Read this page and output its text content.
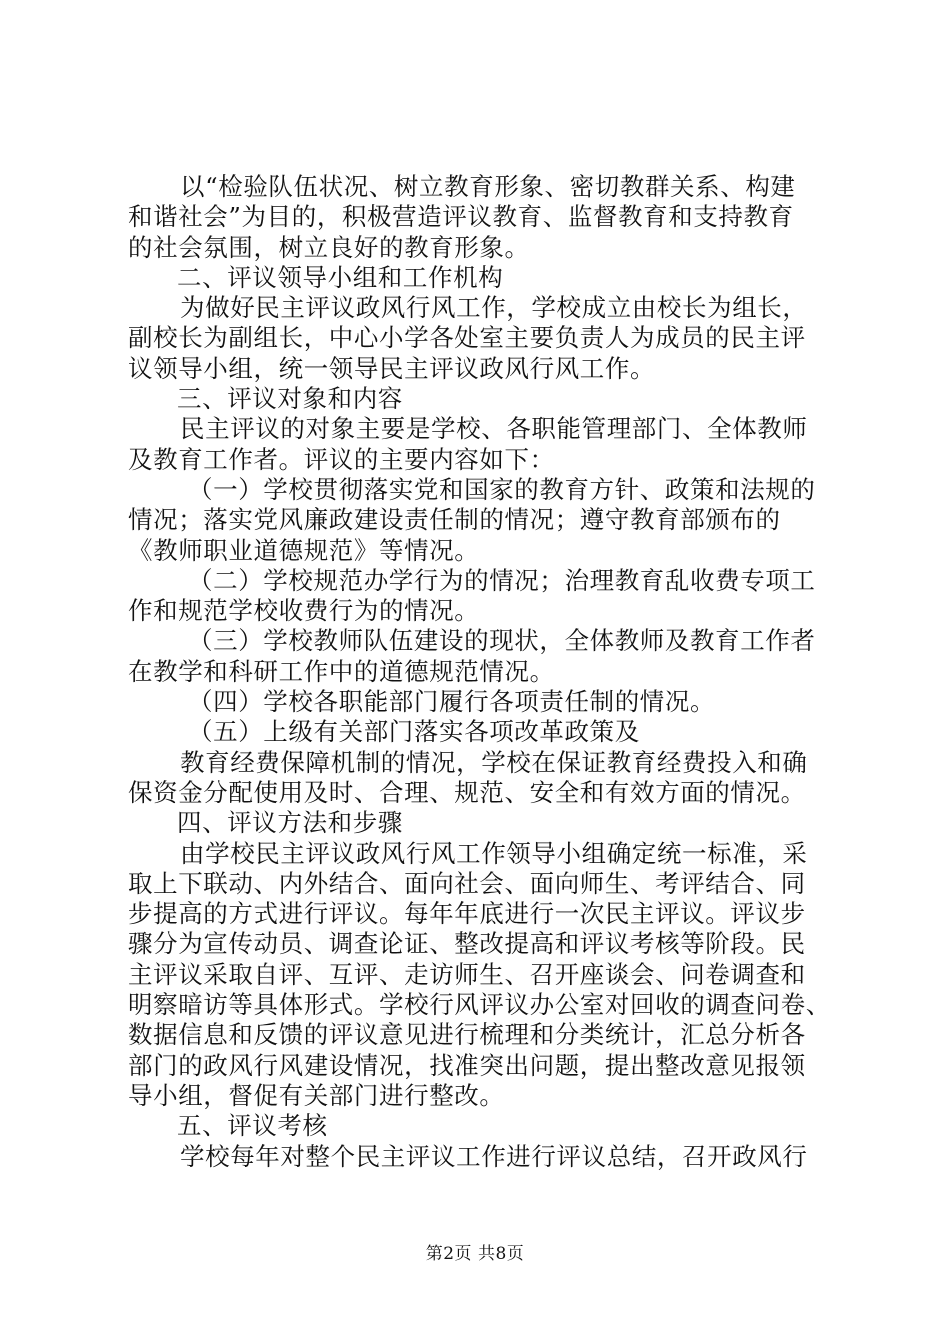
以“检验队伍状况、树立教育形象、密切教群关系、构建
和谐社会”为目的，积极营造评议教育、监督教育和支持教育
的社会氛围，树立良好的教育形象。
二、评议领导小组和工作机构
为做好民主评议政风行风工作，学校成立由校长为组长，
副校长为副组长，中心小学各处室主要负责人为成员的民主评
议领导小组，统一领导民主评议政风行风工作。
三、评议对象和内容
民主评议的对象主要是学校、各职能管理部门、全体教师
及教育工作者。评议的主要内容如下：
（一）学校贯彻落实党和国家的教育方针、政策和法规的
情况；落实党风廉政建设责任制的情况；遵守教育部颁布的
《教师职业道德规范》等情况。
（二）学校规范办学行为的情况；治理教育乱收费专项工
作和规范学校收费行为的情况。
（三）学校教师队伍建设的现状，全体教师及教育工作者
在教学和科研工作中的道德规范情况。
（四）学校各职能部门履行各项责任制的情况。
（五）上级有关部门落实各项改革政策及
教育经费保障机制的情况，学校在保证教育经费投入和确
保资金分配使用及时、合理、规范、安全和有效方面的情况。
四、评议方法和步骤
由学校民主评议政风行风工作领导小组确定统一标准，采
取上下联动、内外结合、面向社会、面向师生、考评结合、同
步提高的方式进行评议。每年年底进行一次民主评议。评议步
骤分为宣传动员、调查论证、整改提高和评议考核等阶段。民
主评议采取自评、互评、走访师生、召开座谈会、问卷调查和
明察暗访等具体形式。学校行风评议办公室对回收的调查问卷、
数据信息和反馈的评议意见进行梳理和分类统计，汇总分析各
部门的政风行风建设情况，找准突出问题，提出整改意见报领
导小组，督促有关部门进行整改。
五、评议考核
学校每年对整个民主评议工作进行评议总结，召开政风行
第2页 共8页
